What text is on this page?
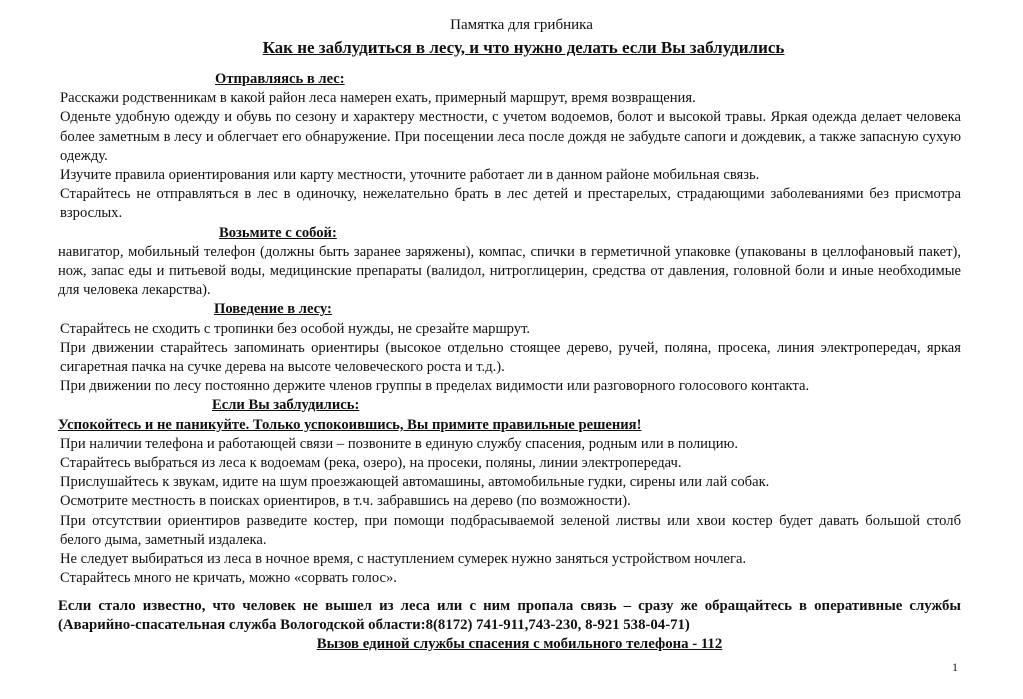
Памятка для грибника
Как не заблудиться в лесу, и что нужно делать если Вы заблудились
Отправляясь в лес:

Расскажи родственникам в какой район леса намерен ехать, примерный маршрут, время возвращения.

Оденьте удобную одежду и обувь по сезону и характеру местности, с учетом водоемов, болот и высокой травы. Яркая одежда делает человека более заметным в лесу и облегчает его обнаружение. При посещении леса после дождя не забудьте сапоги и дождевик, а также запасную сухую одежду.

Изучите правила ориентирования или карту местности, уточните работает ли в данном районе мобильная связь.

Старайтесь не отправляться в лес в одиночку, нежелательно брать в лес детей и престарелых, страдающими заболеваниями без присмотра взрослых.

Возьмите с собой:

навигатор, мобильный телефон (должны быть заранее заряжены), компас, спички в герметичной упаковке (упакованы в целлофановый пакет), нож, запас еды и питьевой воды, медицинские препараты (валидол, нитроглицерин, средства от давления, головной боли и иные необходимые для человека лекарства).

Поведение в лесу:

Старайтесь не сходить с тропинки без особой нужды, не срезайте маршрут.

При движении старайтесь запоминать ориентиры (высокое отдельно стоящее дерево, ручей, поляна, просека, линия электропередач, яркая сигаретная пачка на сучке дерева на высоте человеческого роста и т.д.).

При движении по лесу постоянно держите членов группы в пределах видимости или разговорного голосового контакта.

Если Вы заблудились:
Успокойтесь и не паникуйте. Только успокоившись, Вы примите правильные решения!

При наличии телефона и работающей связи – позвоните в единую службу спасения, родным или в полицию.

Старайтесь выбраться из леса к водоемам (река, озеро), на просеки, поляны, линии электропередач.

Прислушайтесь к звукам, идите на шум проезжающей автомашины, автомобильные гудки, сирены или лай собак.

Осмотрите местность в поисках ориентиров, в т.ч. забравшись на дерево (по возможности).

При отсутствии ориентиров разведите костер, при помощи подбрасываемой зеленой листвы или хвои костер будет давать большой столб белого дыма, заметный издалека.

Не следует выбираться из леса в ночное время, с наступлением сумерек нужно заняться устройством ночлега.

Старайтесь много не кричать, можно «сорвать голос».

Если стало известно, что человек не вышел из леса или с ним пропала связь – сразу же обращайтесь в оперативные службы (Аварийно-спасательная служба Вологодской области:8(8172) 741-911,743-230, 8-921 538-04-71)

Вызов единой службы спасения с мобильного телефона - 112

1
